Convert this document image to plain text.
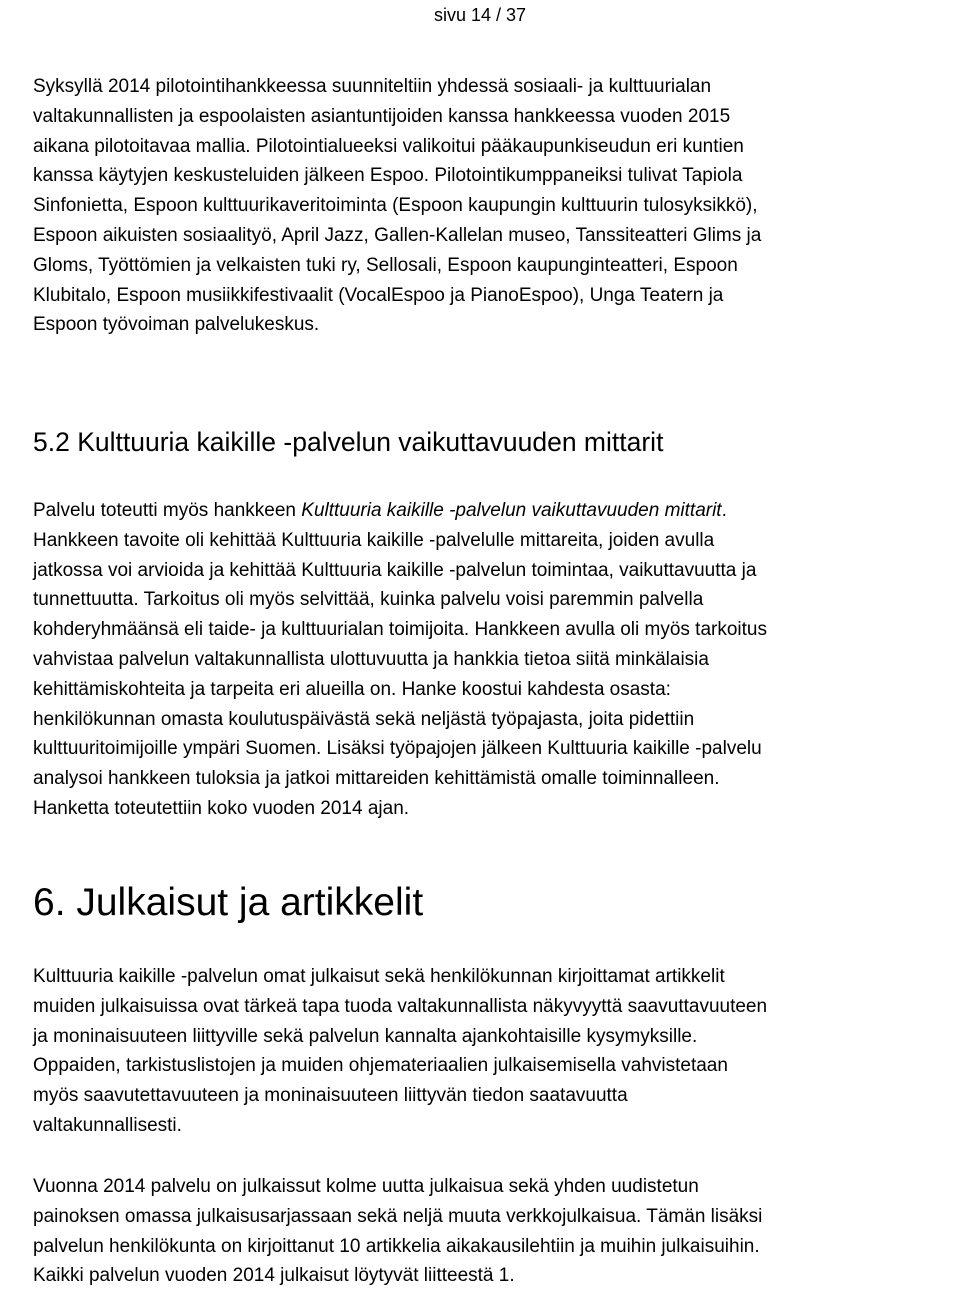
sivu 14 / 37
Syksyllä 2014 pilotointihankkeessa suunniteltiin yhdessä sosiaali- ja kulttuurialan
valtakunnallisten ja espoolaisten asiantuntijoiden kanssa hankkeessa vuoden 2015
aikana pilotoitavaa mallia. Pilotointialueeksi valikoitui pääkaupunkiseudun eri kuntien
kanssa käytyjen keskusteluiden jälkeen Espoo. Pilotointikumppaneiksi tulivat Tapiola
Sinfonietta, Espoon kulttuurikaveritoiminta (Espoon kaupungin kulttuurin tulosyksikkö),
Espoon aikuisten sosiaalityö, April Jazz, Gallen-Kallelan museo, Tanssiteatteri Glims ja
Gloms, Työttömien ja velkaisten tuki ry, Sellosali, Espoon kaupunginteatteri, Espoon
Klubitalo, Espoon musiikkifestivaalit (VocalEspoo ja PianoEspoo), Unga Teatern ja
Espoon työvoiman palvelukeskus.
5.2 Kulttuuria kaikille -palvelun vaikuttavuuden mittarit
Palvelu toteutti myös hankkeen Kulttuuria kaikille -palvelun vaikuttavuuden mittarit.
Hankkeen tavoite oli kehittää Kulttuuria kaikille -palvelulle mittareita, joiden avulla
jatkossa voi arvioida ja kehittää Kulttuuria kaikille -palvelun toimintaa, vaikuttavuutta ja
tunnettuutta. Tarkoitus oli myös selvittää, kuinka palvelu voisi paremmin palvella
kohderyhmäänsä eli taide- ja kulttuurialan toimijoita. Hankkeen avulla oli myös tarkoitus
vahvistaa palvelun valtakunnallista ulottuvuutta ja hankkia tietoa siitä minkälaisia
kehittämiskohteita ja tarpeita eri alueilla on. Hanke koostui kahdesta osasta:
henkilökunnan omasta koulutuspäivästä sekä neljästä työpajasta, joita pidettiin
kulttuuritoimijoille ympäri Suomen. Lisäksi työpajojen jälkeen Kulttuuria kaikille -palvelu
analysoi hankkeen tuloksia ja jatkoi mittareiden kehittämistä omalle toiminnalleen.
Hanketta toteutettiin koko vuoden 2014 ajan.
6. Julkaisut ja artikkelit
Kulttuuria kaikille -palvelun omat julkaisut sekä henkilökunnan kirjoittamat artikkelit
muiden julkaisuissa ovat tärkeä tapa tuoda valtakunnallista näkyvyyttä saavuttavuuteen
ja moninaisuuteen liittyville sekä palvelun kannalta ajankohtaisille kysymyksille.
Oppaiden, tarkistuslistojen ja muiden ohjemateriaalien julkaisemisella vahvistetaan
myös saavutettavuuteen ja moninaisuuteen liittyvän tiedon saatavuutta
valtakunnallisesti.
Vuonna 2014 palvelu on julkaissut kolme uutta julkaisua sekä yhden uudistetun
painoksen omassa julkaisusarjassaan sekä neljä muuta verkkojulkaisua. Tämän lisäksi
palvelun henkilökunta on kirjoittanut 10 artikkelia aikakausilehtiin ja muihin julkaisuihin.
Kaikki palvelun vuoden 2014 julkaisut löytyvät liitteestä 1.
